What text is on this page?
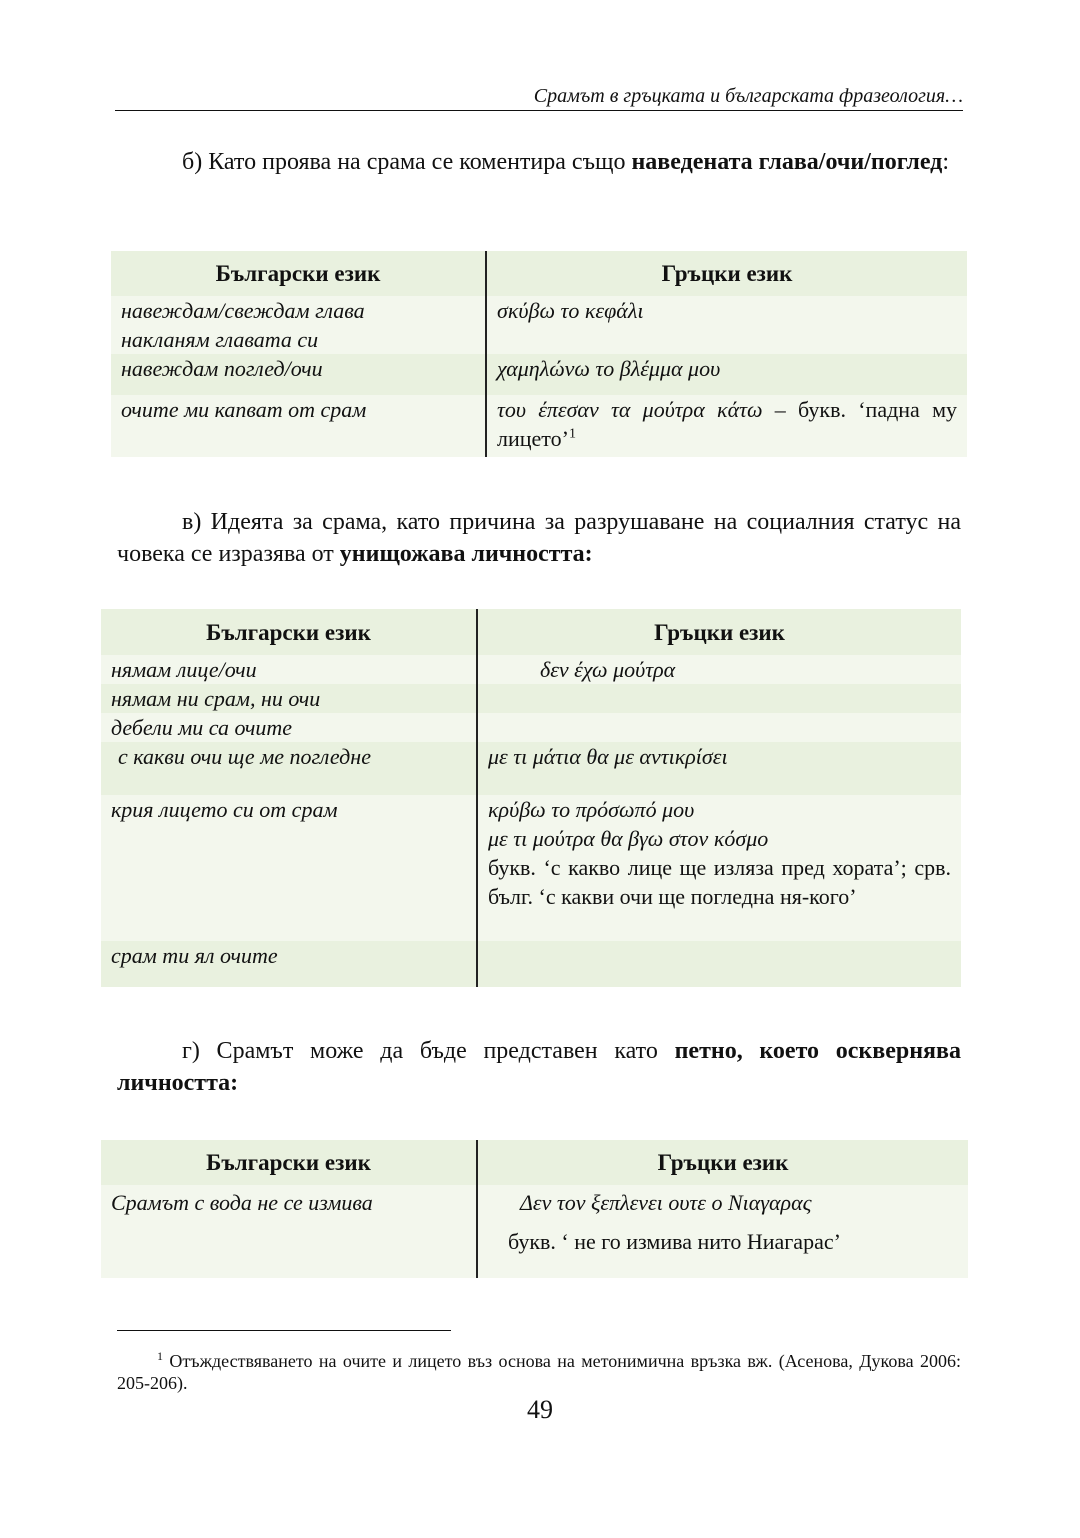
Срамът в гръцката и българската фразеология…
б) Като проява на срама се коментира също наведената глава/очи/поглед:
Български език	Гръцки език

навеждам/свеждам глава
накланям главата си	σκύβω το κεφάλι
навеждам поглед/очи	χαμηλώνω το βλέμμα μου
очите ми капват от срам	του έπεσαν τα μούτρα κάτω – букв. ‘падна му лицето’$^1$
в) Идеята за срама, като причина за разрушаване на социалния статус на човека се изразява от унищожава личността:
Български език	Гръцки език
нямам лице/очи	δεν έχω μούτρα
нямам ни срам, ни очи	
дебели ми са очите	
с какви очи ще ме погледне	με τι μάτια θα με αντικρίσει
крия лицето си от срам	κρύβω το πρόσωπό μου
με τι μούτρα θα βγω στον κόσμο
букв. ‘с какво лице ще изляза пред хората’; срв. бълг. ‘с какви очи ще погледна ня-кого’

срам ти ял очите	
г) Срамът може да бъде представен като петно, което осквернява личността:
Български език	Гръцки език
Срамът с вода не се измива	Δεν τον ξεπλενει ουτε ο Νιαγαρας
букв. ‘ не го измива нито Ниагарас’
$^1$ Отъждествяването на очите и лицето въз основа на метонимична връзка вж. (Асенова, Дукова 2006: 205-206).
49
